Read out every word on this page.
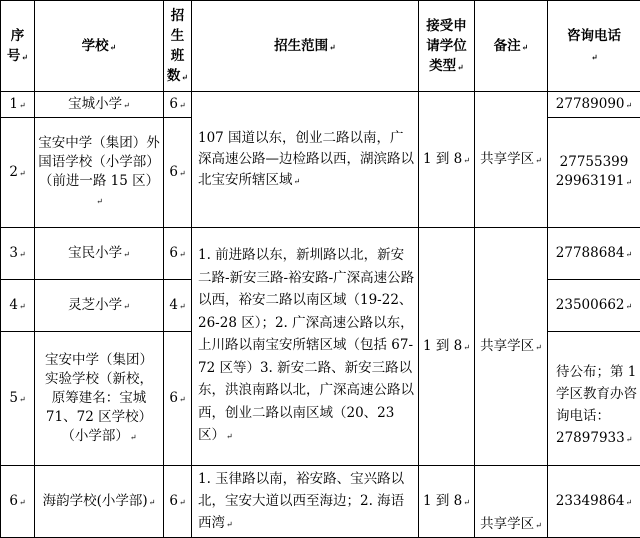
序号↵	学校↵	招生班数↵	招生范围↵	接受申请学位类型↵	备注↵	咨询电话↵
1↵	宝城小学↵	6↵	107 国道以东，创业二路以南，广深高速公路—边检路以西，湖滨路以北宝安所辖区域↵	1 到 8↵	共享学区↵	27789090↵
2↵	宝安中学（集团）外国语学校（小学部）（前进一路 15 区）↵	6↵				27755399 29963191↵
3↵	宝民小学↵	6↵	1. 前进路以东，新圳路以北，新安二路-新安三路-裕安路-广深高速公路以西，裕安二路以南区域（19-22、26-28 区）；2. 广深高速公路以东，上川路以南宝安所辖区域（包括 67-72 区等）3. 新安二路、新安三路以东，洪浪南路以北，广深高速公路以西，创业二路以南区域（20、23 区）↵	1 到 8↵	共享学区↵	27788684↵
4↵	灵芝小学↵	4↵				23500662↵
5↵	宝安中学（集团）实验学校（新校，原筹建名：宝城 71、72 区学校）（小学部）↵	6↵				待公布；第 1 学区教育办咨询电话：27897933↵
6↵	海韵学校(小学部)↵	6↵	1. 玉律路以南，裕安路、宝兴路以北，宝安大道以西至海边；2. 海语西湾↵	1 到 8↵	共享学区↵	23349864↵
